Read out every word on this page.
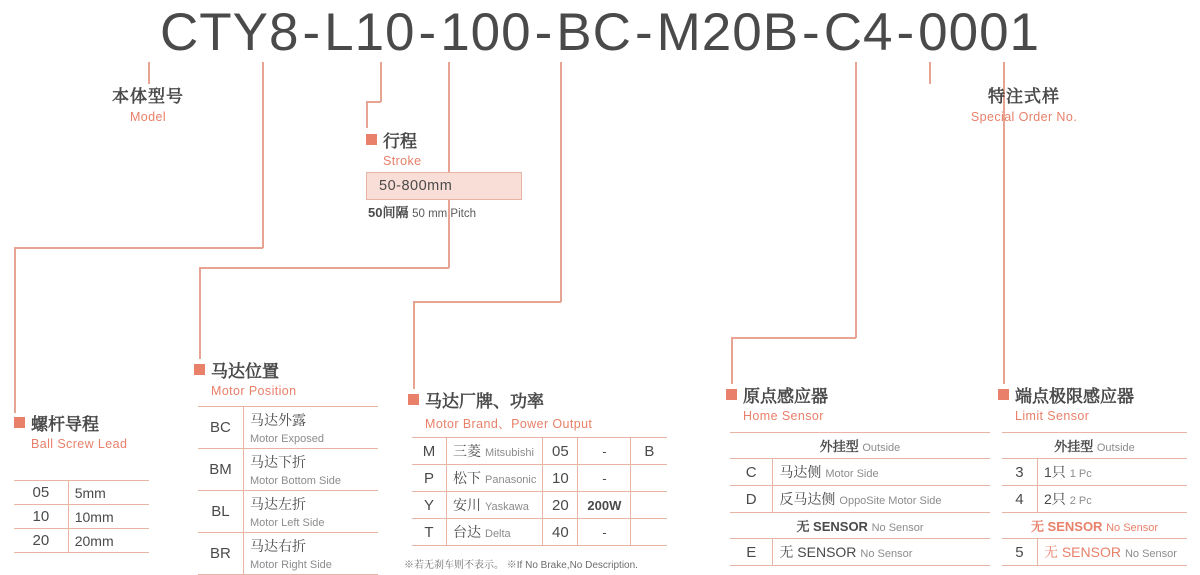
CTY8-L10-100-BC-M20B-C4-0001
本体型号
Model
特注式样
Special Order No.
行程
Stroke
50-800mm
50间隔 50 mm Pitch
螺杆导程
Ball Screw Lead
05	5mm
10	10mm
20	20mm
马达位置
Motor Position
BC	马达外露
Motor Exposed
BM	马达下折
Motor Bottom Side
BL	马达左折
Motor Left Side
BR	马达右折
Motor Right Side
马达厂牌、功率
Motor Brand、Power Output
M	三菱 Mitsubishi	05	-	B
P	松下 Panasonic	10	-	
Y	安川 Yaskawa	20	200W	
T	台达 Delta	40	-	
※若无刹车则不表示。 ※If No Brake,No Description.
原点感应器
Home Sensor
外挂型 Outside	
C	马达侧 Motor Side
D	反马达侧 OppoSite Motor Side
无 SENSOR No Sensor	
E	无 SENSOR No Sensor
端点极限感应器
Limit Sensor
外挂型 Outside	
3	1只 1 Pc
4	2只 2 Pc
无 SENSOR No Sensor	
5	无 SENSOR No Sensor
